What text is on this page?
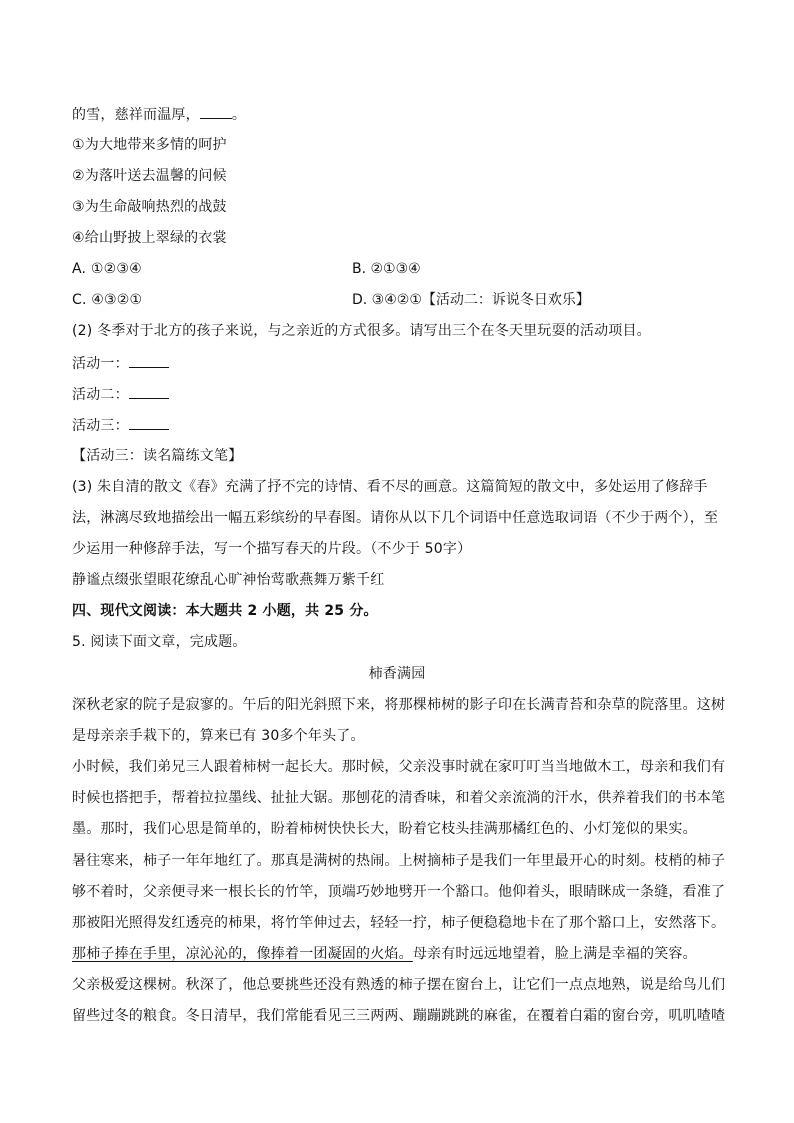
的雪，慈祥而温厚， 。
①为大地带来多情的呵护
②为落叶送去温馨的问候
③为生命敲响热烈的战鼓
④给山野披上翠绿的衣裳
A. ①②③④	B. ②①③④
C. ④③②①	D. ③④②①【活动二：诉说冬日欢乐】
(2) 冬季对于北方的孩子来说，与之亲近的方式很多。请写出三个在冬天里玩耍的活动项目。
活动一：
活动二：
活动三：
【活动三：读名篇练文笔】
(3) 朱自清的散文《春》充满了抒不完的诗情、看不尽的画意。这篇简短的散文中，多处运用了修辞手
法，淋漓尽致地描绘出一幅五彩缤纷的早春图。请你从以下几个词语中任意选取词语（不少于两个），至
少运用一种修辞手法，写一个描写春天的片段。（不少于 50字）
静谧点缀张望眼花缭乱心旷神怡莺歌燕舞万紫千红
四、现代文阅读：本大题共 2 小题，共 25 分。
5. 阅读下面文章，完成题。
柿香满园
深秋老家的院子是寂寥的。午后的阳光斜照下来，将那棵柿树的影子印在长满青苔和杂草的院落里。这树
是母亲亲手栽下的，算来已有 30多个年头了。
小时候，我们弟兄三人跟着柿树一起长大。那时候，父亲没事时就在家叮叮当当地做木工，母亲和我们有
时候也搭把手，帮着拉拉墨线、扯扯大锯。那刨花的清香味，和着父亲流淌的汗水，供养着我们的书本笔
墨。那时，我们心思是简单的，盼着柿树快快长大，盼着它枝头挂满那橘红色的、小灯笼似的果实。
暑往寒来，柿子一年年地红了。那真是满树的热闹。上树摘柿子是我们一年里最开心的时刻。枝梢的柿子
够不着时，父亲便寻来一根长长的竹竿，顶端巧妙地劈开一个豁口。他仰着头，眼睛眯成一条缝，看准了
那被阳光照得发红透亮的柿果，将竹竿伸过去，轻轻一拧，柿子便稳稳地卡在了那个豁口上，安然落下。
那柿子捧在手里，凉沁沁的，像捧着一团凝固的火焰。母亲有时远远地望着，脸上满是幸福的笑容。
父亲极爱这棵树。秋深了，他总要挑些还没有熟透的柿子摆在窗台上，让它们一点点地熟，说是给鸟儿们
留些过冬的粮食。冬日清早，我们常能看见三三两两、蹦蹦跳跳的麻雀，在覆着白霜的窗台旁，叽叽喳喳
